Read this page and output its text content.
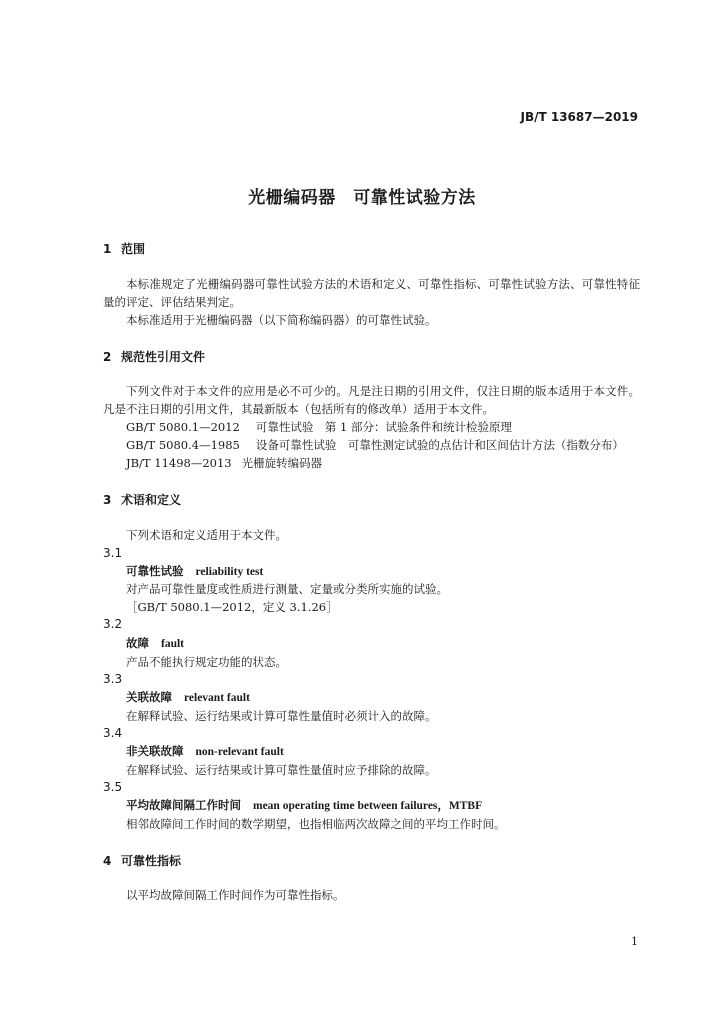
JB/T 13687—2019
光栅编码器　可靠性试验方法
1 范围
本标准规定了光栅编码器可靠性试验方法的术语和定义、可靠性指标、可靠性试验方法、可靠性特征量的评定、评估结果判定。
本标准适用于光栅编码器（以下简称编码器）的可靠性试验。
2 规范性引用文件
下列文件对于本文件的应用是必不可少的。凡是注日期的引用文件，仅注日期的版本适用于本文件。凡是不注日期的引用文件，其最新版本（包括所有的修改单）适用于本文件。
GB/T 5080.1—2012 可靠性试验　第 1 部分：试验条件和统计检验原理
GB/T 5080.4—1985 设备可靠性试验　可靠性测定试验的点估计和区间估计方法（指数分布）
JB/T 11498—2013 光栅旋转编码器
3 术语和定义
下列术语和定义适用于本文件。
3.1
可靠性试验 reliability test
对产品可靠性量度或性质进行测量、定量或分类所实施的试验。
［GB/T 5080.1—2012，定义 3.1.26］
3.2
故障 fault
产品不能执行规定功能的状态。
3.3
关联故障 relevant fault
在解释试验、运行结果或计算可靠性量值时必须计入的故障。
3.4
非关联故障 non-relevant fault
在解释试验、运行结果或计算可靠性量值时应予排除的故障。
3.5
平均故障间隔工作时间 mean operating time between failures，MTBF
相邻故障间工作时间的数学期望，也指相临两次故障之间的平均工作时间。
4 可靠性指标
以平均故障间隔工作时间作为可靠性指标。
1
